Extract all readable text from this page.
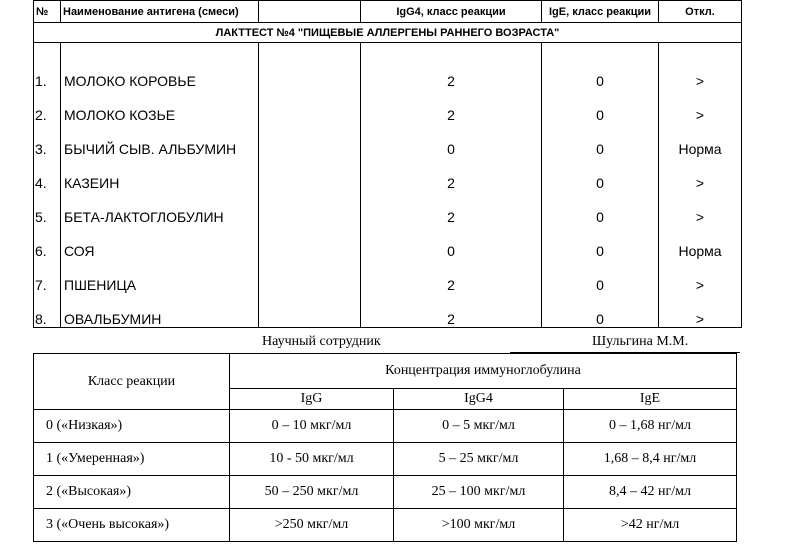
№	Наименование антигена (смеси)		IgG4, класс реакции	IgE, класс реакции	Откл.
ЛАКТТЕСТ №4 "ПИЩЕВЫЕ АЛЛЕРГЕНЫ РАННЕГО ВОЗРАСТА"					

1.	МОЛОКО КОРОВЬЕ		2	0	>
2.	МОЛОКО КОЗЬЕ		2	0	>
3.	БЫЧИЙ СЫВ. АЛЬБУМИН		0	0	Норма
4.	КАЗЕИН		2	0	>
5.	БЕТА-ЛАКТОГЛОБУЛИН		2	0	>
6.	СОЯ		0	0	Норма
7.	ПШЕНИЦА		2	0	>
8.	ОВАЛЬБУМИН		2	0	>
Научный сотрудник	Шульгина М.М.
Класс реакции	Концентрация иммуноглобулина		
	IgG	IgG4	IgE
0 («Низкая»)	0 – 10 мкг/мл	0 – 5 мкг/мл	0 – 1,68 нг/мл
1 («Умеренная»)	10 - 50 мкг/мл	5 – 25 мкг/мл	1,68 – 8,4 нг/мл
2 («Высокая»)	50 – 250 мкг/мл	25 – 100 мкг/мл	8,4 – 42 нг/мл
3 («Очень высокая»)	>250 мкг/мл	>100 мкг/мл	>42 нг/мл
